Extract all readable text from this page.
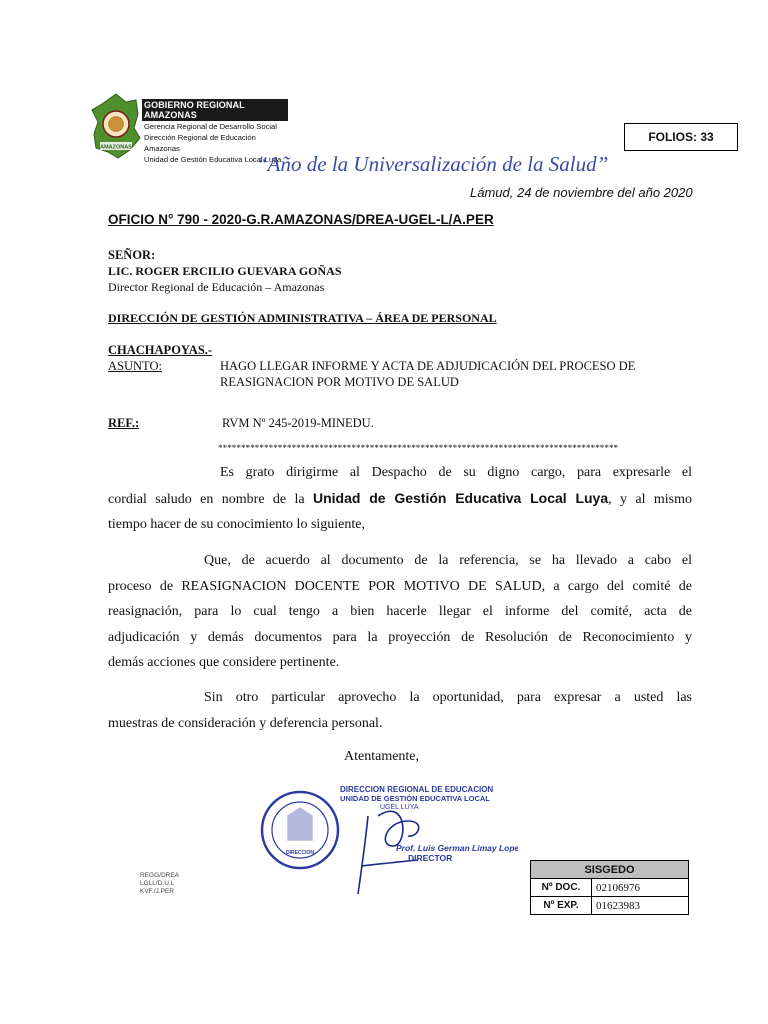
AMAZONAS
GOBIERNO REGIONAL AMAZONAS
Gerencia Regional de Desarrollo Social
Dirección Regional de Educación Amazonas
Unidad de Gestión Educativa Local Luya
FOLIOS: 33
“Año de la Universalización de la Salud”
Lámud, 24 de noviembre del año 2020
OFICIO N° 790 - 2020-G.R.AMAZONAS/DREA-UGEL-L/A.PER
SEÑOR:
LIC. ROGER ERCILIO GUEVARA GOÑAS
Director Regional de Educación – Amazonas
DIRECCIÓN DE GESTIÓN ADMINISTRATIVA – ÁREA DE PERSONAL
CHACHAPOYAS.-
ASUNTO:	HAGO LLEGAR INFORME Y ACTA DE ADJUDICACIÓN DEL PROCESO DE
REASIGNACION POR MOTIVO DE SALUD
REF.:	RVM Nº 245-2019-MINEDU.
***************************************************************************************
Es grato dirigirme al Despacho de su digno cargo, para expresarle el
cordial saludo en nombre de la Unidad de Gestión Educativa Local Luya, y al mismo
tiempo hacer de su conocimiento lo siguiente,
Que, de acuerdo al documento de la referencia, se ha llevado a cabo el
proceso de REASIGNACION DOCENTE POR MOTIVO DE SALUD, a cargo del comité de
reasignación, para lo cual tengo a bien hacerle llegar el informe del comité, acta de
adjudicación y demás documentos para la proyección de Resolución de Reconocimiento y
demás acciones que considere pertinente.
Sin otro particular aprovecho la oportunidad, para expresar a usted las
muestras de consideración y deferencia personal.
Atentamente,
DIRECCION
DIRECCION REGIONAL DE EDUCACION
UNIDAD DE GESTIÓN EDUCATIVA LOCAL
UGEL LUYA
Prof. Luis German Limay Lopez
DIRECTOR
REGG/DREA
LGLL/D.U.L
KVF./J.PER
SISGEDO	
Nº DOC.	02106976
Nº EXP.	01623983
